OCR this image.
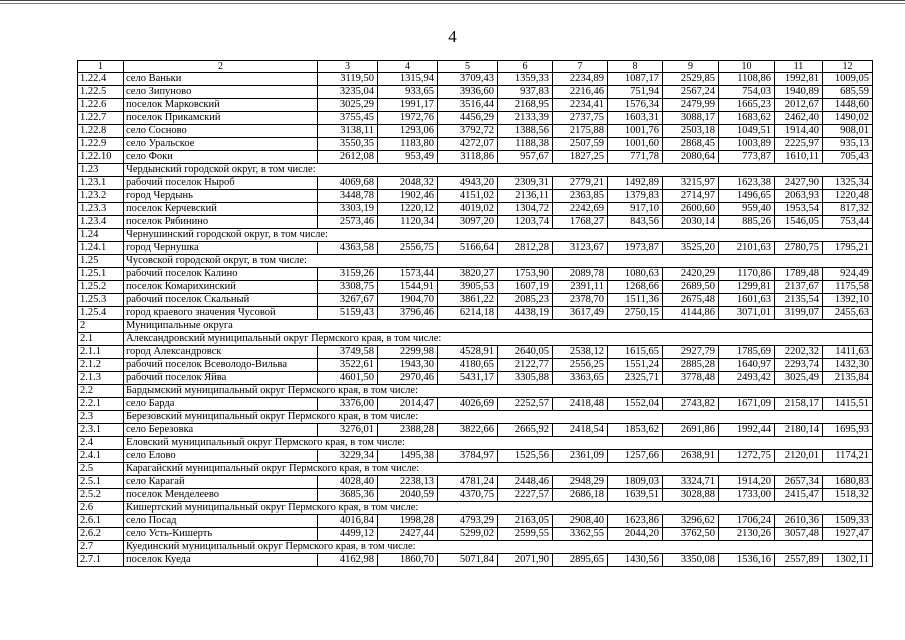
4
1	2	3	4	5	6	7	8	9	10	11	12
1.22.4	село Ваньки	3119,50	1315,94	3709,43	1359,33	2234,89	1087,17	2529,85	1108,86	1992,81	1009,05
1.22.5	село Зипуново	3235,04	933,65	3936,60	937,83	2216,46	751,94	2567,24	754,03	1940,89	685,59
1.22.6	поселок Марковский	3025,29	1991,17	3516,44	2168,95	2234,41	1576,34	2479,99	1665,23	2012,67	1448,60
1.22.7	поселок Прикамский	3755,45	1972,76	4456,29	2133,39	2737,75	1603,31	3088,17	1683,62	2462,40	1490,02
1.22.8	село Сосново	3138,11	1293,06	3792,72	1388,56	2175,88	1001,76	2503,18	1049,51	1914,40	908,01
1.22.9	село Уральское	3550,35	1183,80	4272,07	1188,38	2507,59	1001,60	2868,45	1003,89	2225,97	935,13
1.22.10	село Фоки	2612,08	953,49	3118,86	957,67	1827,25	771,78	2080,64	773,87	1610,11	705,43
1.23	Чердынский городской округ, в том числе:										
1.23.1	рабочий поселок Ныроб	4069,68	2048,32	4943,20	2309,31	2779,21	1492,89	3215,97	1623,38	2427,90	1325,34
1.23.2	город Чердынь	3448,78	1902,46	4151,02	2136,11	2363,85	1379,83	2714,97	1496,65	2063,93	1220,48
1.23.3	поселок Керчевский	3303,19	1220,12	4019,02	1304,72	2242,69	917,10	2600,60	959,40	1953,54	817,32
1.23.4	поселок Рябинино	2573,46	1120,34	3097,20	1203,74	1768,27	843,56	2030,14	885,26	1546,05	753,44
1.24	Чернушинский городской округ, в том числе:										
1.24.1	город Чернушка	4363,58	2556,75	5166,64	2812,28	3123,67	1973,87	3525,20	2101,63	2780,75	1795,21
1.25	Чусовской городской округ, в том числе:										
1.25.1	рабочий поселок Калино	3159,26	1573,44	3820,27	1753,90	2089,78	1080,63	2420,29	1170,86	1789,48	924,49
1.25.2	поселок Комарихинский	3308,75	1544,91	3905,53	1607,19	2391,11	1268,66	2689,50	1299,81	2137,67	1175,58
1.25.3	рабочий поселок Скальный	3267,67	1904,70	3861,22	2085,23	2378,70	1511,36	2675,48	1601,63	2135,54	1392,10
1.25.4	город краевого значения Чусовой	5159,43	3796,46	6214,18	4438,19	3617,49	2750,15	4144,86	3071,01	3199,07	2455,63
2	Муниципальные округа										
2.1	Александровский муниципальный округ Пермского края, в том числе:										
2.1.1	город Александровск	3749,58	2299,98	4528,91	2640,05	2538,12	1615,65	2927,79	1785,69	2202,32	1411,63
2.1.2	рабочий поселок Всеволодо-Вильва	3522,61	1943,30	4180,65	2122,77	2556,25	1551,24	2885,28	1640,97	2293,74	1432,30
2.1.3	рабочий поселок Яйва	4601,50	2970,46	5431,17	3305,88	3363,65	2325,71	3778,48	2493,42	3025,49	2135,84
2.2	Бардымский муниципальный округ Пермского края, в том числе:										
2.2.1	село Барда	3376,00	2014,47	4026,69	2252,57	2418,48	1552,04	2743,82	1671,09	2158,17	1415,51
2.3	Березовский муниципальный округ Пермского края, в том числе:										
2.3.1	село Березовка	3276,01	2388,28	3822,66	2665,92	2418,54	1853,62	2691,86	1992,44	2180,14	1695,93
2.4	Еловский муниципальный округ Пермского края, в том числе:										
2.4.1	село Елово	3229,34	1495,38	3784,97	1525,56	2361,09	1257,66	2638,91	1272,75	2120,01	1174,21
2.5	Карагайский муниципальный округ Пермского края, в том числе:										
2.5.1	село Карагай	4028,40	2238,13	4781,24	2448,46	2948,29	1809,03	3324,71	1914,20	2657,34	1680,83
2.5.2	поселок Менделеево	3685,36	2040,59	4370,75	2227,57	2686,18	1639,51	3028,88	1733,00	2415,47	1518,32
2.6	Кишертский муниципальный округ Пермского края, в том числе:										
2.6.1	село Посад	4016,84	1998,28	4793,29	2163,05	2908,40	1623,86	3296,62	1706,24	2610,36	1509,33
2.6.2	село Усть-Кишерть	4499,12	2427,44	5299,02	2599,55	3362,55	2044,20	3762,50	2130,26	3057,48	1927,47
2.7	Куединский муниципальный округ Пермского края, в том числе:										
2.7.1	поселок Куеда	4162,98	1860,70	5071,84	2071,90	2895,65	1430,56	3350,08	1536,16	2557,89	1302,11
